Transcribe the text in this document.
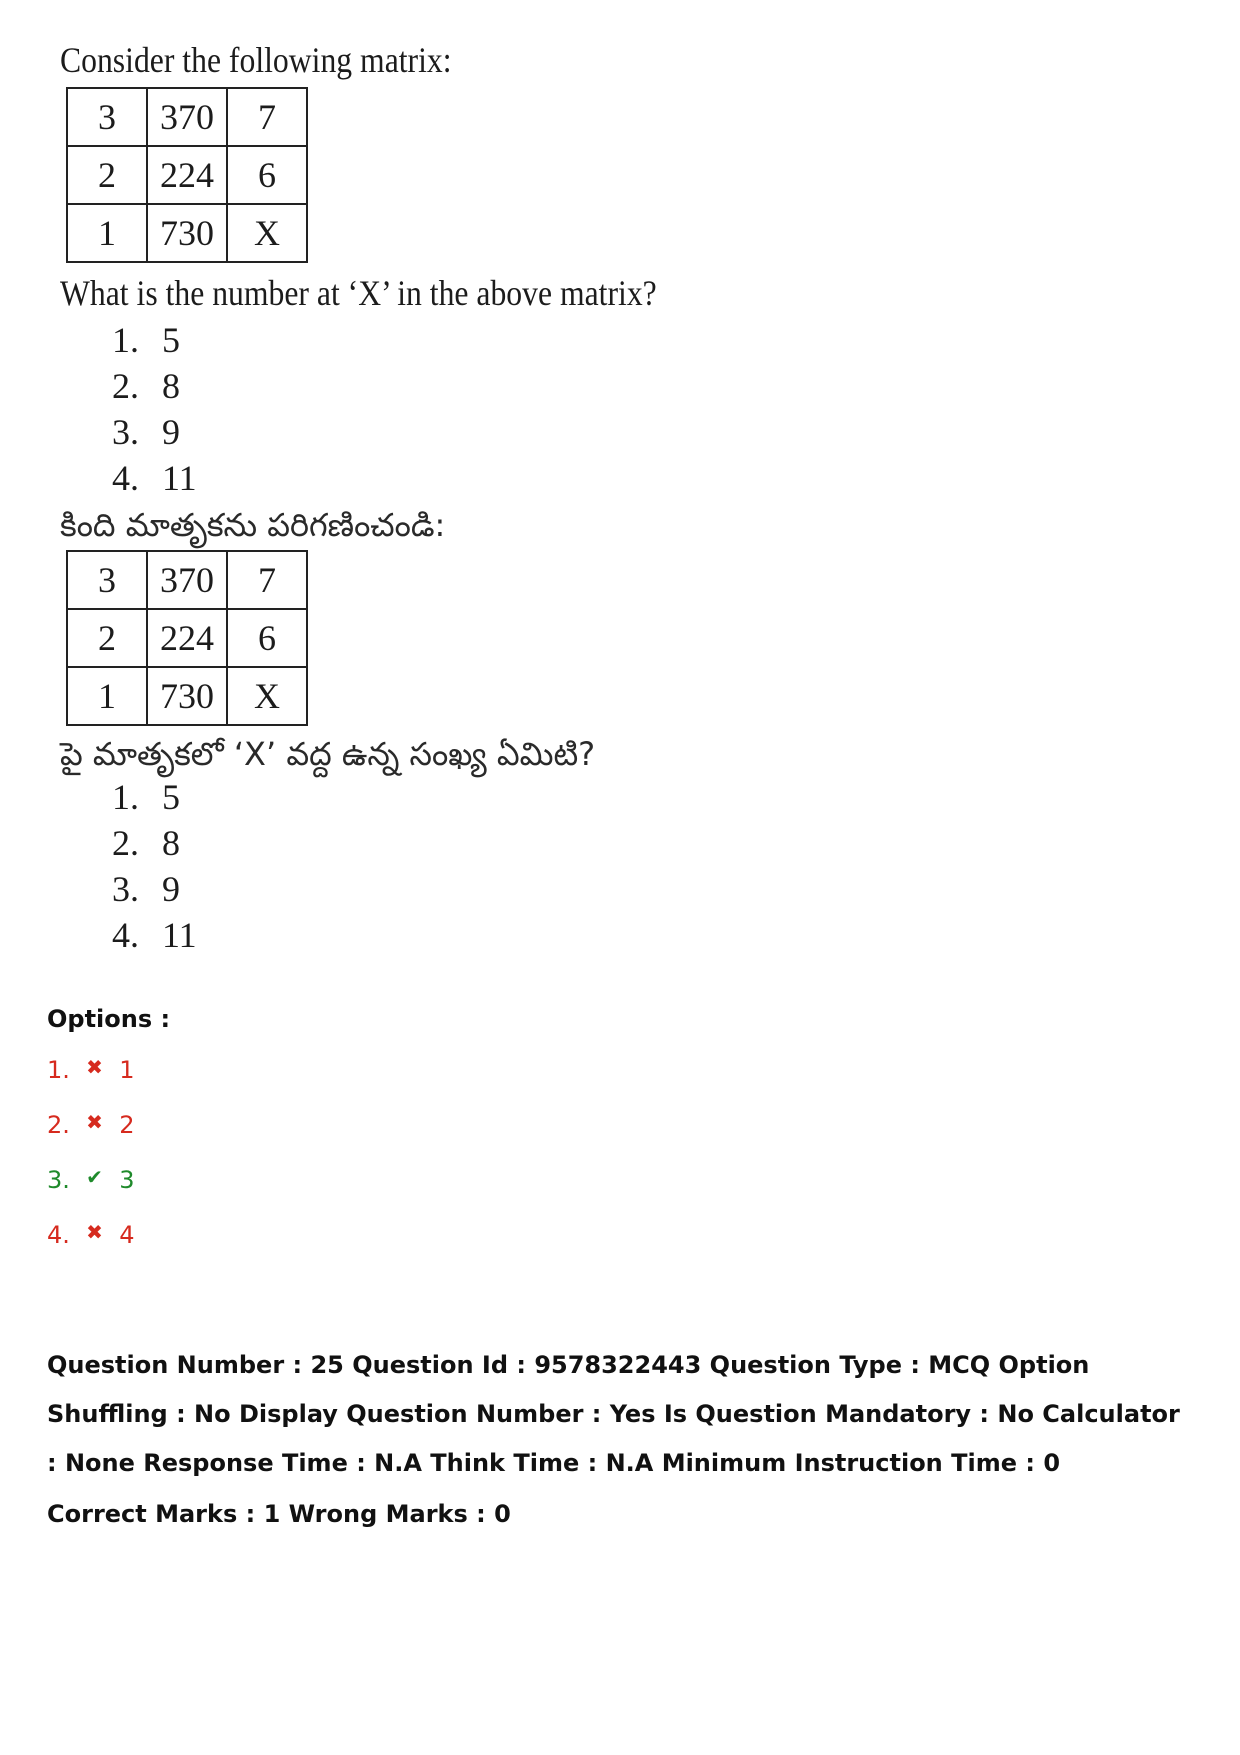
Consider the following matrix:
3	370	7
2	224	6
1	730	X
What is the number at ‘X’ in the above matrix?
1. 5
2. 8
3. 9
4. 11
కింది మాతృకను పరిగణించండి:
3	370	7
2	224	6
1	730	X
పై మాతృకలో ‘X’ వద్ద ఉన్న సంఖ్య ఏమిటి?
1. 5
2. 8
3. 9
4. 11
Options :
1. ✖ 1
2. ✖ 2
3. ✔ 3
4. ✖ 4
Question Number : 25 Question Id : 9578322443 Question Type : MCQ Option Shuffling : No Display Question Number : Yes Is Question Mandatory : No Calculator : None Response Time : N.A Think Time : N.A Minimum Instruction Time : 0
Correct Marks : 1 Wrong Marks : 0
